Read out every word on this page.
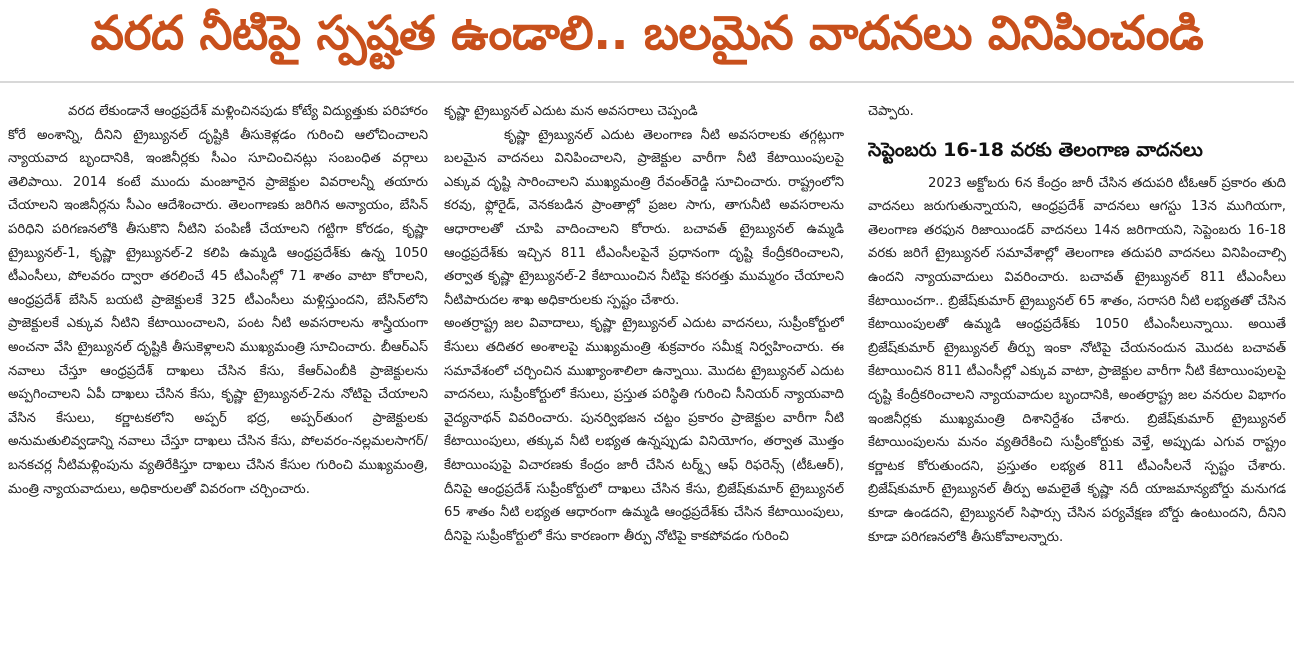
వరద నీటిపై స్పష్టత ఉండాలి.. బలమైన వాదనలు వినిపించండి

వరద లేకుండానే ఆంధ్రప్రదేశ్ మళ్లించినపుడు కోట్యే విద్యుత్తుకు పరిహారం కోరే అంశాన్ని, దీనిని ట్రైబ్యునల్ దృష్టికి తీసుకెళ్లడం గురించి ఆలోచించాలని న్యాయవాద బృందానికి, ఇంజినీర్లకు సీఎం సూచించినట్లు సంబంధిత వర్గాలు తెలిపాయి. 2014 కంటే ముందు మంజూరైన ప్రాజెక్టుల వివరాలన్నీ తయారు చేయాలని ఇంజినీర్లను సీఎం ఆదేశించారు. తెలంగాణకు జరిగిన అన్యాయం, బేసిన్ పరిధిని పరిగణనలోకి తీసుకొని నీటిని పంపిణీ చేయాలని గట్టిగా కోరడం, కృష్ణా ట్రైబ్యునల్-1, కృష్ణా ట్రైబ్యునల్-2 కలిపి ఉమ్మడి ఆంధ్రప్రదేశ్‌కు ఉన్న 1050 టీఎంసీలు, పోలవరం ద్వారా తరలించే 45 టీఎంసీల్లో 71 శాతం వాటా కోరాలని, ఆంధ్రప్రదేశ్ బేసిన్ బయటి ప్రాజెక్టులకే 325 టీఎంసీలు మళ్లిస్తుందని, బేసిన్‌లోని ప్రాజెక్టులకే ఎక్కువ నీటిని కేటాయించాలని, పంట నీటి అవసరాలను శాస్త్రీయంగా అంచనా వేసి ట్రైబ్యునల్ దృష్టికి తీసుకెళ్లాలని ముఖ్యమంత్రి సూచించారు. బీఆర్ఎస్ నవాలు చేస్తూ ఆంధ్రప్రదేశ్ దాఖలు చేసిన కేసు, కేఆర్ఎంబీకి ప్రాజెక్టులను అప్పగించాలని ఏపీ దాఖలు చేసిన కేసు, కృష్ణా ట్రైబ్యునల్-2ను నోటిపై చేయాలని వేసిన కేసులు, కర్ణాటకలోని అప్పర్ భద్ర, అప్పర్‌తుంగ ప్రాజెక్టులకు అనుమతులివ్వడాన్ని నవాలు చేస్తూ దాఖలు చేసిన కేసు, పోలవరం-నల్లమలసాగర్/బనకచర్ల నీటిమళ్లింపును వ్యతిరేకిస్తూ దాఖలు చేసిన కేసుల గురించి ముఖ్యమంత్రి, మంత్రి న్యాయవాదులు, అధికారులతో వివరంగా చర్చించారు.

కృష్ణా ట్రైబ్యునల్ ఎదుట మన అవసరాలు చెప్పండి

కృష్ణా ట్రైబ్యునల్ ఎదుట తెలంగాణ నీటి అవసరాలకు తగ్గట్లుగా బలమైన వాదనలు వినిపించాలని, ప్రాజెక్టుల వారీగా నీటి కేటాయింపులపై ఎక్కువ దృష్టి సారించాలని ముఖ్యమంత్రి రేవంత్‌రెడ్డి సూచించారు. రాష్ట్రంలోని కరవు, ఫ్లోరైడ్, వెనకబడిన ప్రాంతాల్లో ప్రజల సాగు, తాగునీటి అవసరాలను ఆధారాలతో చూపి వాదించాలని కోరారు. బచావత్ ట్రైబ్యునల్ ఉమ్మడి ఆంధ్రప్రదేశ్‌కు ఇచ్చిన 811 టీఎంసీలపైనే ప్రధానంగా దృష్టి కేంద్రీకరించాలని, తర్వాత కృష్ణా ట్రైబ్యునల్-2 కేటాయించిన నీటిపై కసరత్తు ముమ్మరం చేయాలని నీటిపారుదల శాఖ అధికారులకు స్పష్టం చేశారు.

అంతర్రాష్ట్ర జల వివాదాలు, కృష్ణా ట్రైబ్యునల్ ఎదుట వాదనలు, సుప్రీంకోర్టులో కేసులు తదితర అంశాలపై ముఖ్యమంత్రి శుక్రవారం సమీక్ష నిర్వహించారు. ఈ సమావేశంలో చర్చించిన ముఖ్యాంశాలిలా ఉన్నాయి. మొదట ట్రైబ్యునల్ ఎదుట వాదనలు, సుప్రీంకోర్టులో కేసులు, ప్రస్తుత పరిస్థితి గురించి సీనియర్ న్యాయవాది వైద్యనాథన్ వివరించారు. పునర్విభజన చట్టం ప్రకారం ప్రాజెక్టుల వారీగా నీటి కేటాయింపులు, తక్కువ నీటి లభ్యత ఉన్నప్పుడు వినియోగం, తర్వాత మొత్తం కేటాయింపుపై విచారణకు కేంద్రం జారీ చేసిన టర్మ్స్ ఆఫ్ రిఫరెన్స్ (టీఓఆర్), దీనిపై ఆంధ్రప్రదేశ్ సుప్రీంకోర్టులో దాఖలు చేసిన కేసు, బ్రిజేష్‌కుమార్ ట్రైబ్యునల్ 65 శాతం నీటి లభ్యత ఆధారంగా ఉమ్మడి ఆంధ్రప్రదేశ్‌కు చేసిన కేటాయింపులు, దీనిపై సుప్రీంకోర్టులో కేసు కారణంగా తీర్పు నోటిపై కాకపోవడం గురించి

చెప్పారు.

సెప్టెంబరు 16-18 వరకు తెలంగాణ వాదనలు

2023 అక్టోబరు 6న కేంద్రం జారీ చేసిన తదుపరి టీఓఆర్ ప్రకారం తుది వాదనలు జరుగుతున్నాయని, ఆంధ్రప్రదేశ్ వాదనలు ఆగస్టు 13న ముగియగా, తెలంగాణ తరఫున రిజాయిండర్ వాదనలు 14న జరిగాయని, సెప్టెంబరు 16-18 వరకు జరిగే ట్రైబ్యునల్ సమావేశాల్లో తెలంగాణ తదుపరి వాదనలు వినిపించాల్సి ఉందని న్యాయవాదులు వివరించారు. బచావత్ ట్రైబ్యునల్ 811 టీఎంసీలు కేటాయించగా.. బ్రిజేష్‌కుమార్ ట్రైబ్యునల్ 65 శాతం, సరాసరి నీటి లభ్యతతో చేసిన కేటాయింపులతో ఉమ్మడి ఆంధ్రప్రదేశ్‌కు 1050 టీఎంసీలున్నాయి. అయితే బ్రిజేష్‌కుమార్ ట్రైబ్యునల్ తీర్పు ఇంకా నోటిపై చేయనందున మొదట బచావత్ కేటాయించిన 811 టీఎంసీల్లో ఎక్కువ వాటా, ప్రాజెక్టుల వారీగా నీటి కేటాయింపులపై దృష్టి కేంద్రీకరించాలని న్యాయవాదుల బృందానికి, అంతర్రాష్ట్ర జల వనరుల విభాగం ఇంజినీర్లకు ముఖ్యమంత్రి దిశానిర్దేశం చేశారు. బ్రిజేష్‌కుమార్ ట్రైబ్యునల్ కేటాయింపులను మనం వ్యతిరేకించి సుప్రీంకోర్టుకు వెళ్తే, అప్పుడు ఎగువ రాష్ట్రం కర్ణాటక కోరుతుందని, ప్రస్తుతం లభ్యత 811 టీఎంసీలనే స్పష్టం చేశారు. బ్రిజేష్‌కుమార్ ట్రైబ్యునల్ తీర్పు అమలైతే కృష్ణా నదీ యాజమాన్యబోర్డు మనుగడ కూడా ఉండదని, ట్రైబ్యునల్ సిఫార్సు చేసిన పర్యవేక్షణ బోర్డు ఉంటుందని, దీనిని కూడా పరిగణనలోకి తీసుకోవాలన్నారు.
